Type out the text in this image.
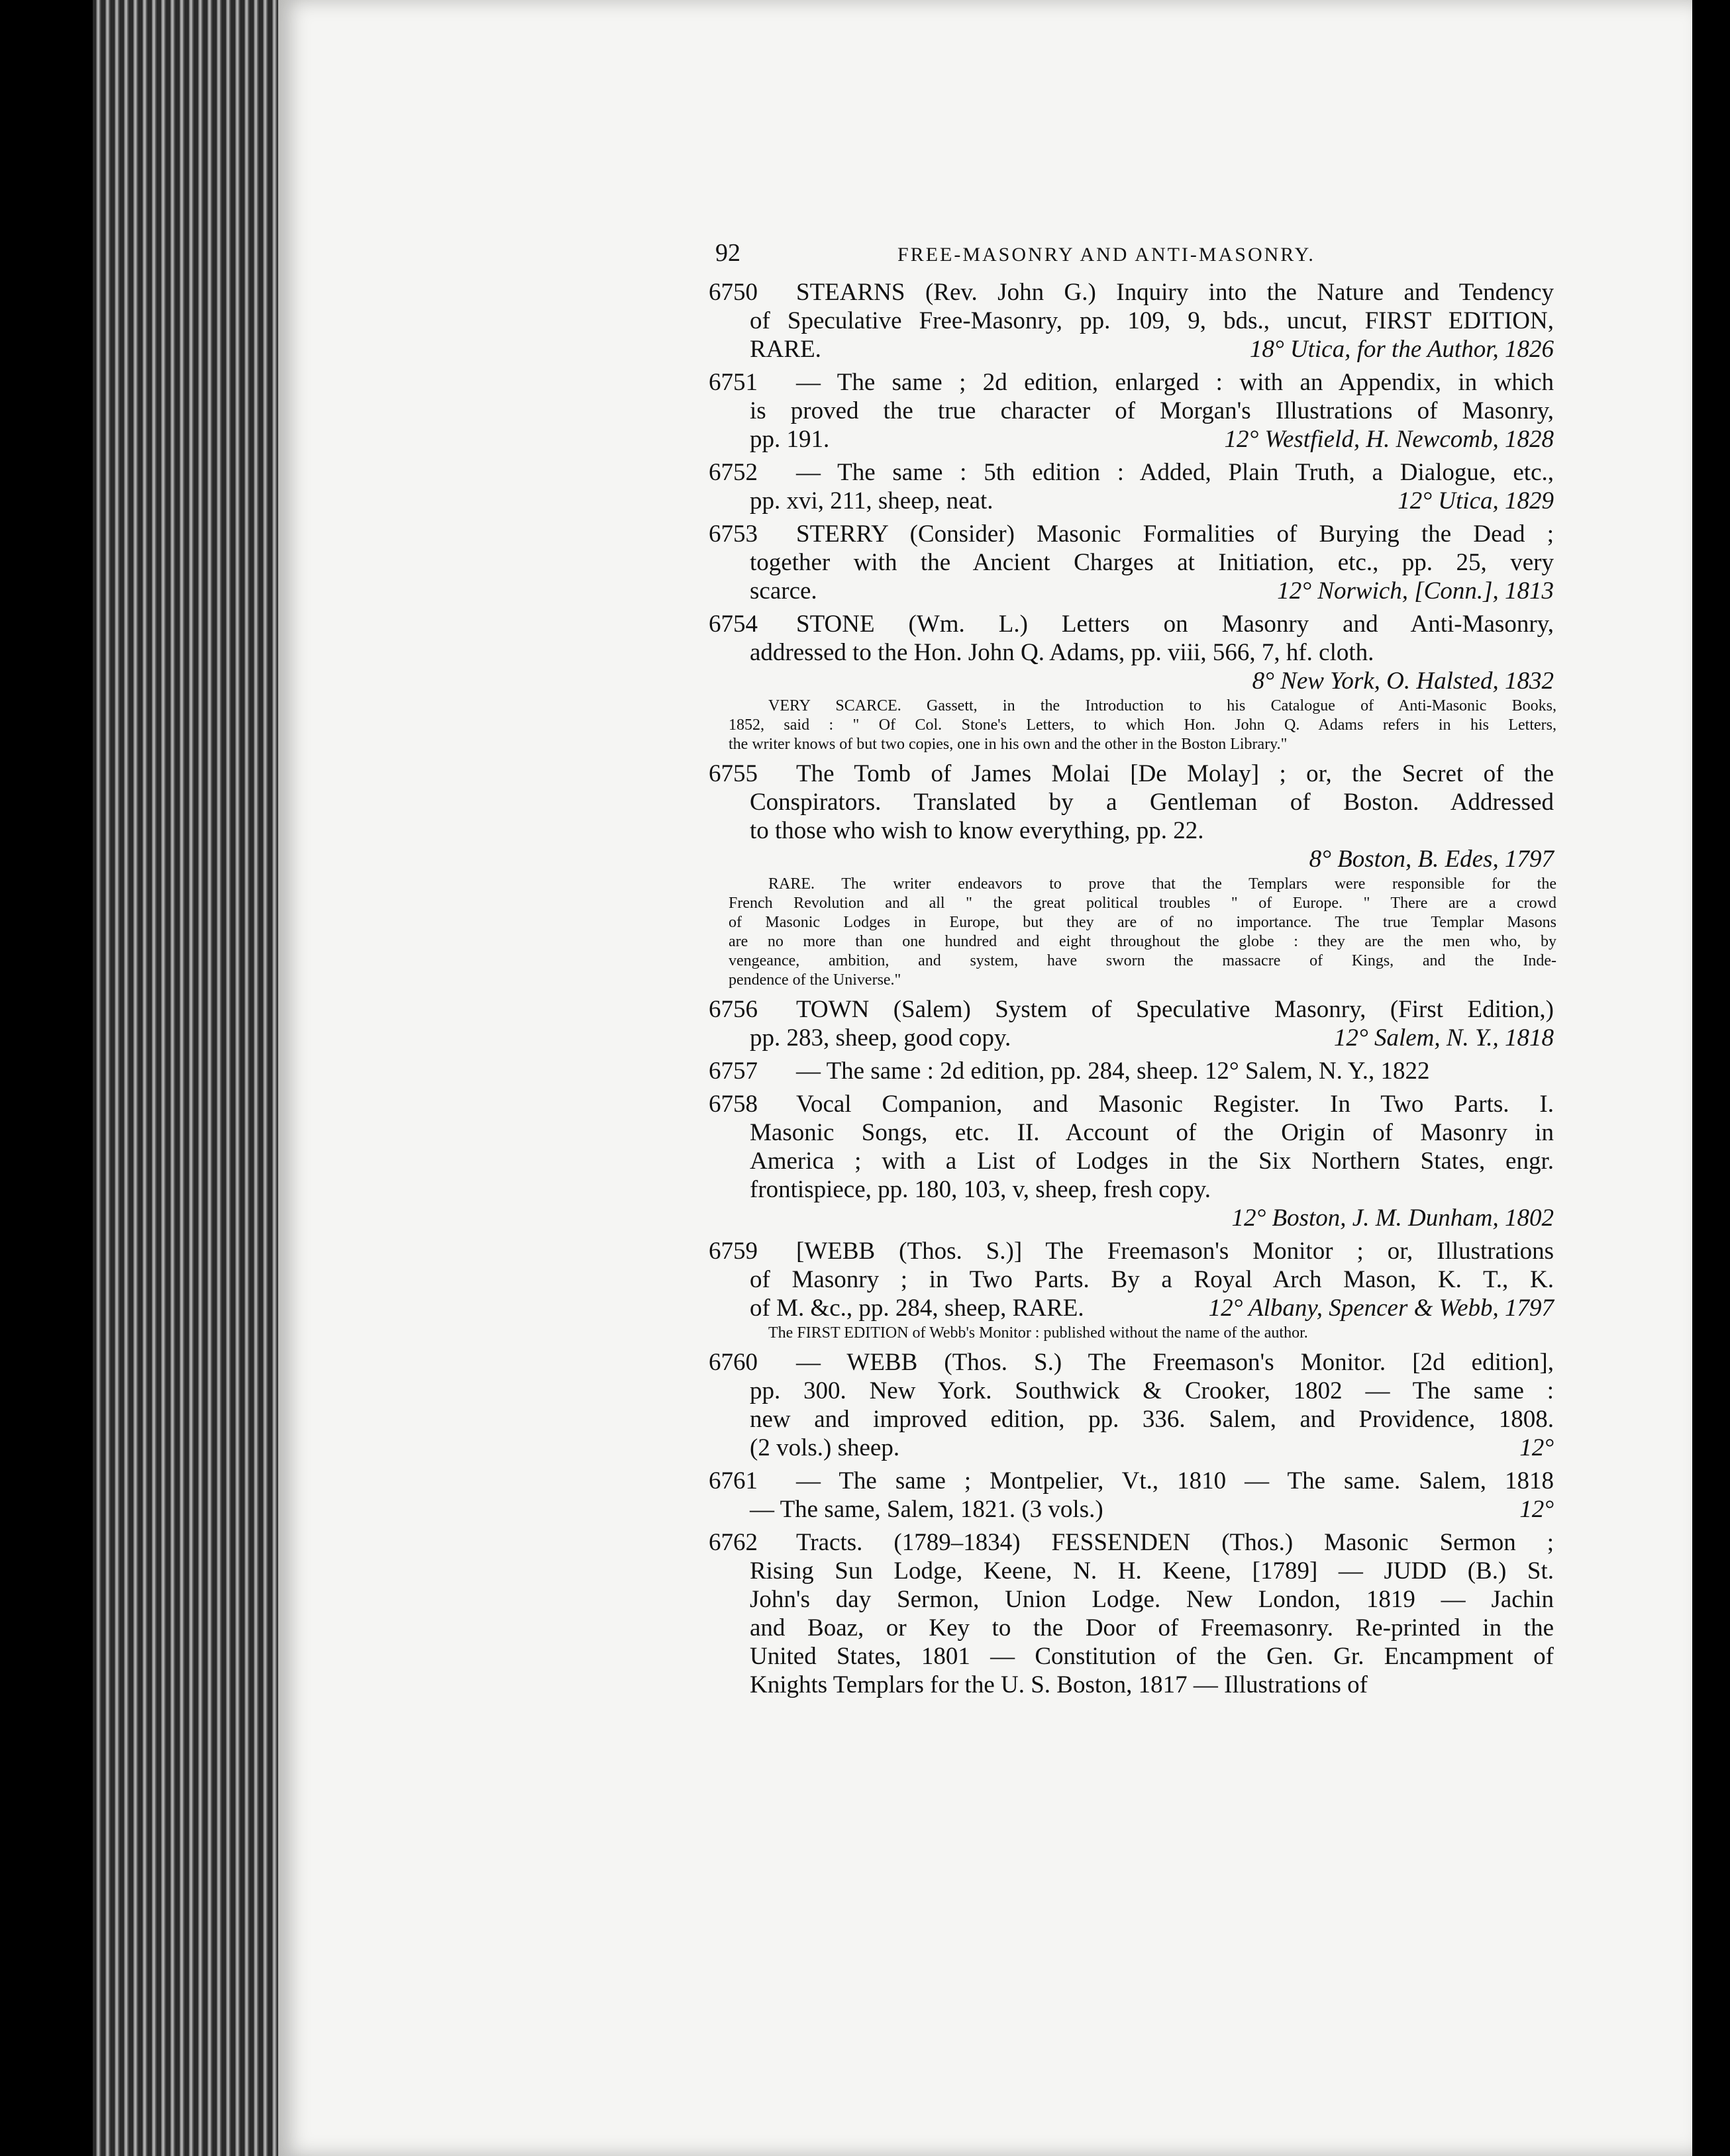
92	FREE-MASONRY AND ANTI-MASONRY.
6750	STEARNS (Rev. John G.) Inquiry into the Nature and Tendency
of Speculative Free-Masonry, pp. 109, 9, bds., uncut, FIRST EDITION,
RARE.	18° Utica, for the Author, 1826
6751	— The same ; 2d edition, enlarged : with an Appendix, in which
is proved the true character of Morgan's Illustrations of Masonry,
pp. 191.	12° Westfield, H. Newcomb, 1828
6752	— The same : 5th edition : Added, Plain Truth, a Dialogue, etc.,
pp. xvi, 211, sheep, neat.	12° Utica, 1829
6753	STERRY (Consider) Masonic Formalities of Burying the Dead ;
together with the Ancient Charges at Initiation, etc., pp. 25, very
scarce.	12° Norwich, [Conn.], 1813
6754	STONE (Wm. L.) Letters on Masonry and Anti-Masonry,
addressed to the Hon. John Q. Adams, pp. viii, 566, 7, hf. cloth.
8° New York, O. Halsted, 1832
VERY SCARCE. Gassett, in the Introduction to his Catalogue of Anti-Masonic Books,
1852, said : " Of Col. Stone's Letters, to which Hon. John Q. Adams refers in his Letters,
the writer knows of but two copies, one in his own and the other in the Boston Library."
6755	The Tomb of James Molai [De Molay] ; or, the Secret of the
Conspirators. Translated by a Gentleman of Boston. Addressed
to those who wish to know everything, pp. 22.
8° Boston, B. Edes, 1797
RARE. The writer endeavors to prove that the Templars were responsible for the
French Revolution and all " the great political troubles " of Europe. " There are a crowd
of Masonic Lodges in Europe, but they are of no importance. The true Templar Masons
are no more than one hundred and eight throughout the globe : they are the men who, by
vengeance, ambition, and system, have sworn the massacre of Kings, and the Inde-
pendence of the Universe."
6756	TOWN (Salem) System of Speculative Masonry, (First Edition,)
pp. 283, sheep, good copy.	12° Salem, N. Y., 1818
6757	— The same : 2d edition, pp. 284, sheep. 12° Salem, N. Y., 1822
6758	Vocal Companion, and Masonic Register. In Two Parts. I.
Masonic Songs, etc. II. Account of the Origin of Masonry in
America ; with a List of Lodges in the Six Northern States, engr.
frontispiece, pp. 180, 103, v, sheep, fresh copy.
12° Boston, J. M. Dunham, 1802
6759	[WEBB (Thos. S.)] The Freemason's Monitor ; or, Illustrations
of Masonry ; in Two Parts. By a Royal Arch Mason, K. T., K.
of M. &c., pp. 284, sheep, RARE.	12° Albany, Spencer & Webb, 1797
The FIRST EDITION of Webb's Monitor : published without the name of the author.
6760	— WEBB (Thos. S.) The Freemason's Monitor. [2d edition],
pp. 300. New York. Southwick & Crooker, 1802 — The same :
new and improved edition, pp. 336. Salem, and Providence, 1808.
(2 vols.) sheep.	12°
6761	— The same ; Montpelier, Vt., 1810 — The same. Salem, 1818
— The same, Salem, 1821. (3 vols.)	12°
6762	Tracts. (1789–1834) FESSENDEN (Thos.) Masonic Sermon ;
Rising Sun Lodge, Keene, N. H. Keene, [1789] — JUDD (B.) St.
John's day Sermon, Union Lodge. New London, 1819 — Jachin
and Boaz, or Key to the Door of Freemasonry. Re-printed in the
United States, 1801 — Constitution of the Gen. Gr. Encampment of
Knights Templars for the U. S. Boston, 1817 — Illustrations of
